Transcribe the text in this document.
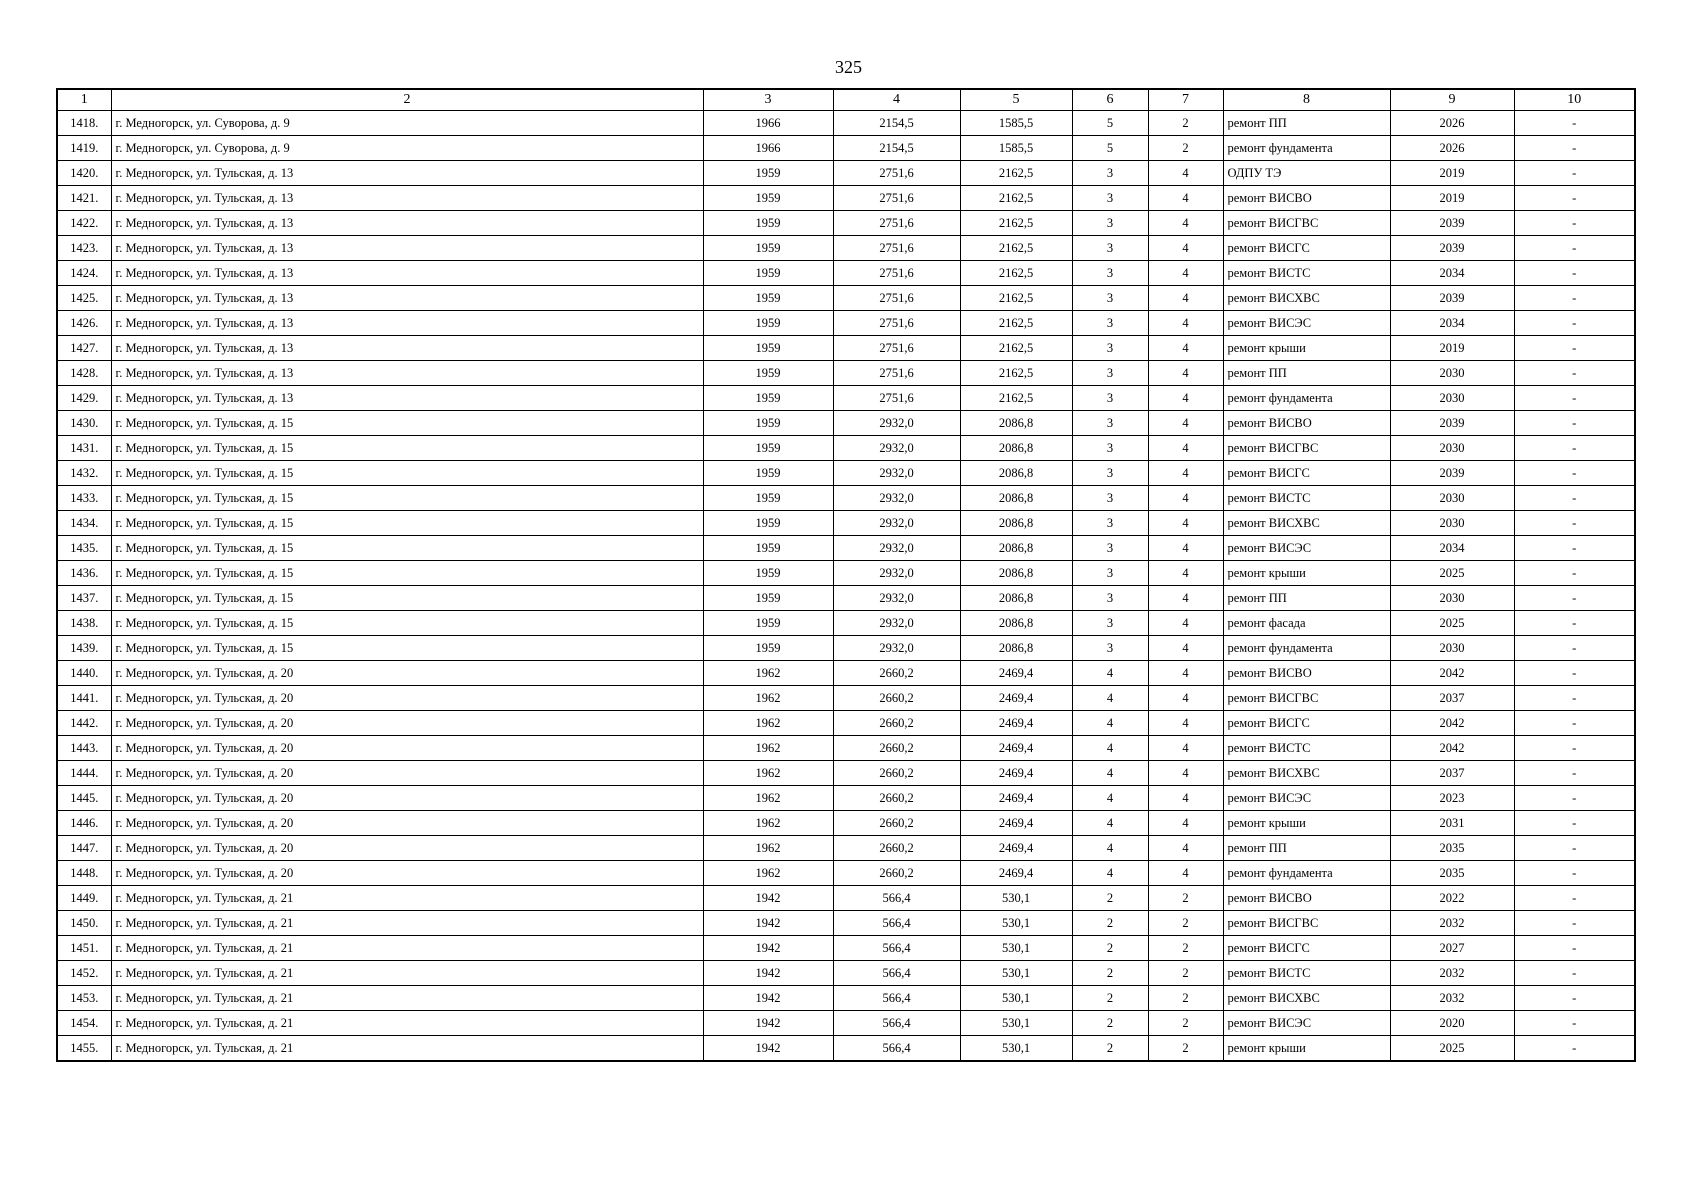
325
1	2	3	4	5	6	7	8	9	10
1418.	г. Медногорск, ул. Суворова, д. 9	1966	2154,5	1585,5	5	2	ремонт ПП	2026	-
1419.	г. Медногорск, ул. Суворова, д. 9	1966	2154,5	1585,5	5	2	ремонт фундамента	2026	-
1420.	г. Медногорск, ул. Тульская, д. 13	1959	2751,6	2162,5	3	4	ОДПУ ТЭ	2019	-
1421.	г. Медногорск, ул. Тульская, д. 13	1959	2751,6	2162,5	3	4	ремонт ВИСВО	2019	-
1422.	г. Медногорск, ул. Тульская, д. 13	1959	2751,6	2162,5	3	4	ремонт ВИСГВС	2039	-
1423.	г. Медногорск, ул. Тульская, д. 13	1959	2751,6	2162,5	3	4	ремонт ВИСГС	2039	-
1424.	г. Медногорск, ул. Тульская, д. 13	1959	2751,6	2162,5	3	4	ремонт ВИСТС	2034	-
1425.	г. Медногорск, ул. Тульская, д. 13	1959	2751,6	2162,5	3	4	ремонт ВИСХВС	2039	-
1426.	г. Медногорск, ул. Тульская, д. 13	1959	2751,6	2162,5	3	4	ремонт ВИСЭС	2034	-
1427.	г. Медногорск, ул. Тульская, д. 13	1959	2751,6	2162,5	3	4	ремонт крыши	2019	-
1428.	г. Медногорск, ул. Тульская, д. 13	1959	2751,6	2162,5	3	4	ремонт ПП	2030	-
1429.	г. Медногорск, ул. Тульская, д. 13	1959	2751,6	2162,5	3	4	ремонт фундамента	2030	-
1430.	г. Медногорск, ул. Тульская, д. 15	1959	2932,0	2086,8	3	4	ремонт ВИСВО	2039	-
1431.	г. Медногорск, ул. Тульская, д. 15	1959	2932,0	2086,8	3	4	ремонт ВИСГВС	2030	-
1432.	г. Медногорск, ул. Тульская, д. 15	1959	2932,0	2086,8	3	4	ремонт ВИСГС	2039	-
1433.	г. Медногорск, ул. Тульская, д. 15	1959	2932,0	2086,8	3	4	ремонт ВИСТС	2030	-
1434.	г. Медногорск, ул. Тульская, д. 15	1959	2932,0	2086,8	3	4	ремонт ВИСХВС	2030	-
1435.	г. Медногорск, ул. Тульская, д. 15	1959	2932,0	2086,8	3	4	ремонт ВИСЭС	2034	-
1436.	г. Медногорск, ул. Тульская, д. 15	1959	2932,0	2086,8	3	4	ремонт крыши	2025	-
1437.	г. Медногорск, ул. Тульская, д. 15	1959	2932,0	2086,8	3	4	ремонт ПП	2030	-
1438.	г. Медногорск, ул. Тульская, д. 15	1959	2932,0	2086,8	3	4	ремонт фасада	2025	-
1439.	г. Медногорск, ул. Тульская, д. 15	1959	2932,0	2086,8	3	4	ремонт фундамента	2030	-
1440.	г. Медногорск, ул. Тульская, д. 20	1962	2660,2	2469,4	4	4	ремонт ВИСВО	2042	-
1441.	г. Медногорск, ул. Тульская, д. 20	1962	2660,2	2469,4	4	4	ремонт ВИСГВС	2037	-
1442.	г. Медногорск, ул. Тульская, д. 20	1962	2660,2	2469,4	4	4	ремонт ВИСГС	2042	-
1443.	г. Медногорск, ул. Тульская, д. 20	1962	2660,2	2469,4	4	4	ремонт ВИСТС	2042	-
1444.	г. Медногорск, ул. Тульская, д. 20	1962	2660,2	2469,4	4	4	ремонт ВИСХВС	2037	-
1445.	г. Медногорск, ул. Тульская, д. 20	1962	2660,2	2469,4	4	4	ремонт ВИСЭС	2023	-
1446.	г. Медногорск, ул. Тульская, д. 20	1962	2660,2	2469,4	4	4	ремонт крыши	2031	-
1447.	г. Медногорск, ул. Тульская, д. 20	1962	2660,2	2469,4	4	4	ремонт ПП	2035	-
1448.	г. Медногорск, ул. Тульская, д. 20	1962	2660,2	2469,4	4	4	ремонт фундамента	2035	-
1449.	г. Медногорск, ул. Тульская, д. 21	1942	566,4	530,1	2	2	ремонт ВИСВО	2022	-
1450.	г. Медногорск, ул. Тульская, д. 21	1942	566,4	530,1	2	2	ремонт ВИСГВС	2032	-
1451.	г. Медногорск, ул. Тульская, д. 21	1942	566,4	530,1	2	2	ремонт ВИСГС	2027	-
1452.	г. Медногорск, ул. Тульская, д. 21	1942	566,4	530,1	2	2	ремонт ВИСТС	2032	-
1453.	г. Медногорск, ул. Тульская, д. 21	1942	566,4	530,1	2	2	ремонт ВИСХВС	2032	-
1454.	г. Медногорск, ул. Тульская, д. 21	1942	566,4	530,1	2	2	ремонт ВИСЭС	2020	-
1455.	г. Медногорск, ул. Тульская, д. 21	1942	566,4	530,1	2	2	ремонт крыши	2025	-
